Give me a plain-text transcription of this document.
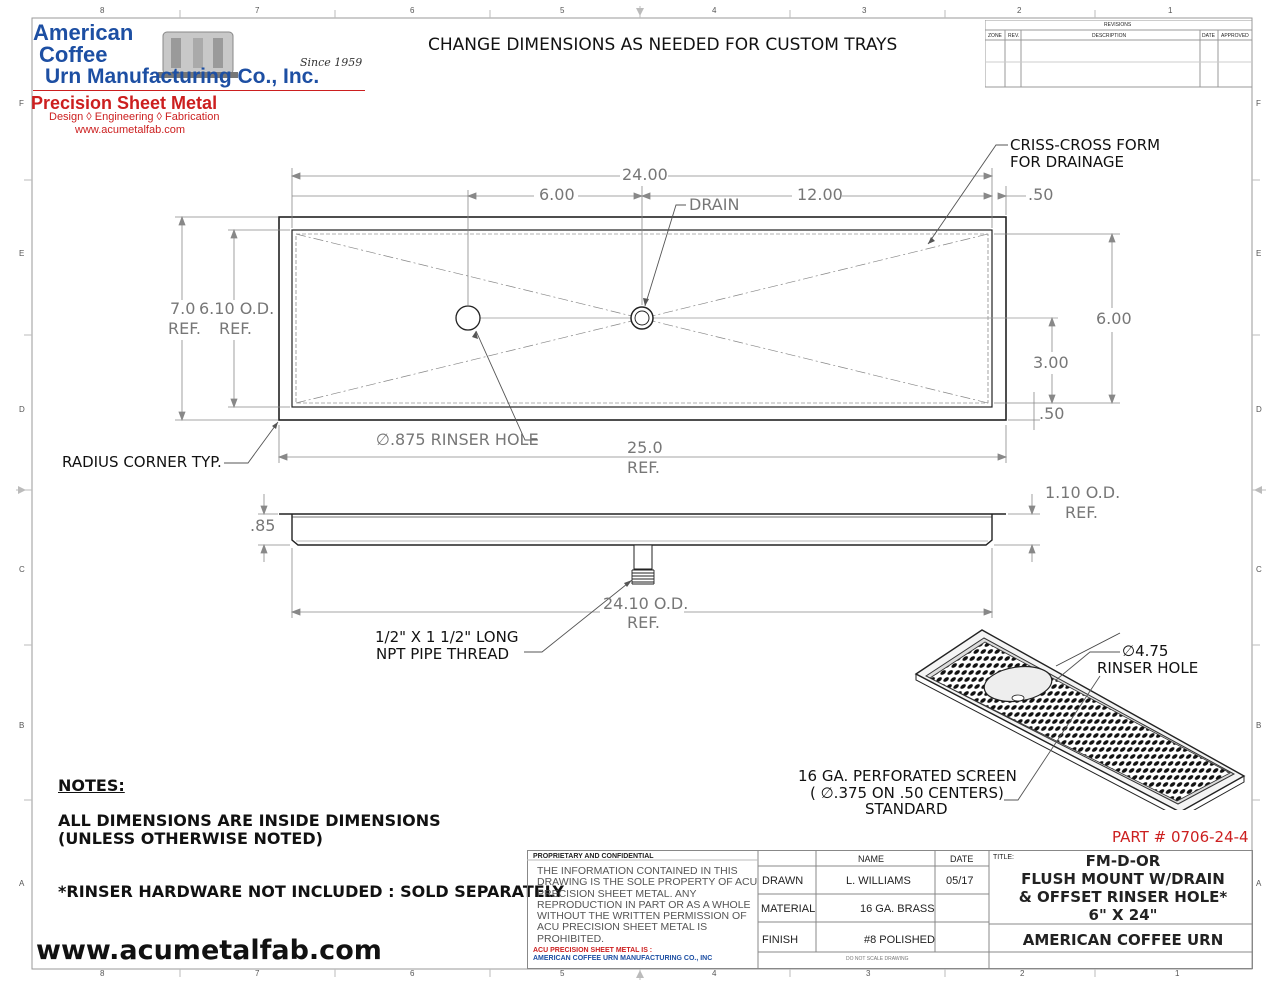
8	7	6	5	4	3	2	1
8	7	6	5	4	3	2	1
F
E
D
C
B
A
F
E
D
C
B
A
American
Coffee
Urn Manufacturing Co., Inc.
Since 1959
Precision Sheet Metal
Design ◊ Engineering ◊ Fabrication
www.acumetalfab.com
CHANGE DIMENSIONS AS NEEDED FOR CUSTOM TRAYS
REVISIONS
ZONE REV.	DESCRIPTION	DATE APPROVED
24.00
6.00	12.00	.50
DRAIN
CRISS-CROSS FORM
FOR DRAINAGE
7.0
REF.
6.10 O.D.
REF.
6.00
3.00
.50
∅.875 RINSER HOLE
RADIUS CORNER TYP.
25.0
REF.
.85
1.10 O.D.
REF.
24.10 O.D.
REF.
1/2" X 1 1/2" LONG
NPT PIPE THREAD	∅4.75
RINSER HOLE
16 GA. PERFORATED SCREEN
( ∅.375 ON .50 CENTERS)
STANDARD
NOTES:
ALL DIMENSIONS ARE INSIDE DIMENSIONS
(UNLESS OTHERWISE NOTED)
*RINSER HARDWARE NOT INCLUDED : SOLD SEPARATELY
www.acumetalfab.com
PART # 0706-24-4
PROPRIETARY AND CONFIDENTIAL
THE INFORMATION CONTAINED IN THIS DRAWING IS THE SOLE PROPERTY OF ACU PRECISION SHEET METAL. ANY REPRODUCTION IN PART OR AS A WHOLE WITHOUT THE WRITTEN PERMISSION OF ACU PRECISION SHEET METAL IS PROHIBITED.
ACU PRECISION SHEET METAL IS :
AMERICAN COFFEE URN MANUFACTURING CO., INC
NAME	DATE
DRAWN	L. WILLIAMS	05/17
MATERIAL	16 GA. BRASS
FINISH	#8 POLISHED
DO NOT SCALE DRAWING
TITLE:	FM-D-OR
FLUSH MOUNT W/DRAIN
& OFFSET RINSER HOLE*
6" X 24"
AMERICAN COFFEE URN
